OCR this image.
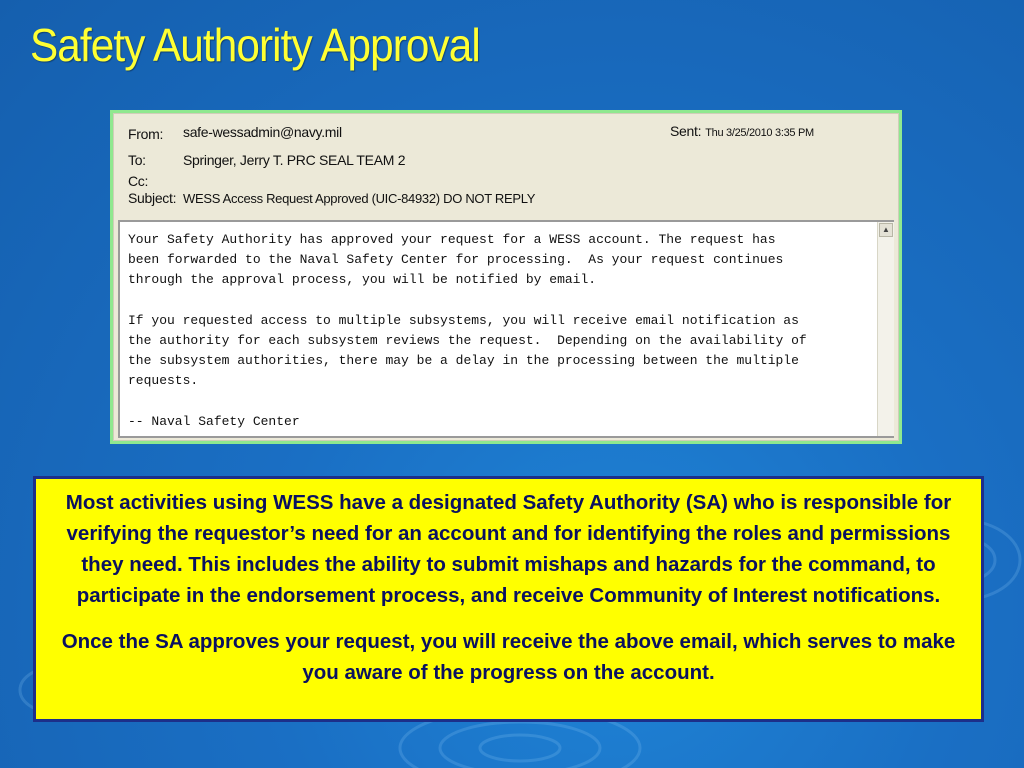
Safety Authority Approval
From: safe-wessadmin@navy.mil	Sent: Thu 3/25/2010 3:35 PM
To:	Springer, Jerry T. PRC SEAL TEAM 2
Cc:
Subject: WESS Access Request Approved (UIC-84932) DO NOT REPLY
Your Safety Authority has approved your request for a WESS account. The request has
been forwarded to the Naval Safety Center for processing.  As your request continues
through the approval process, you will be notified by email.

If you requested access to multiple subsystems, you will receive email notification as
the authority for each subsystem reviews the request.  Depending on the availability of
the subsystem authorities, there may be a delay in the processing between the multiple
requests.

-- Naval Safety Center
▲

Most activities using WESS have a designated Safety Authority (SA) who is responsible for verifying the requestor’s need for an account and for identifying the roles and permissions they need. This includes the ability to submit mishaps and hazards for the command, to participate in the endorsement process, and receive Community of Interest notifications.

Once the SA approves your request, you will receive the above email, which serves to make you aware of the progress on the account.
